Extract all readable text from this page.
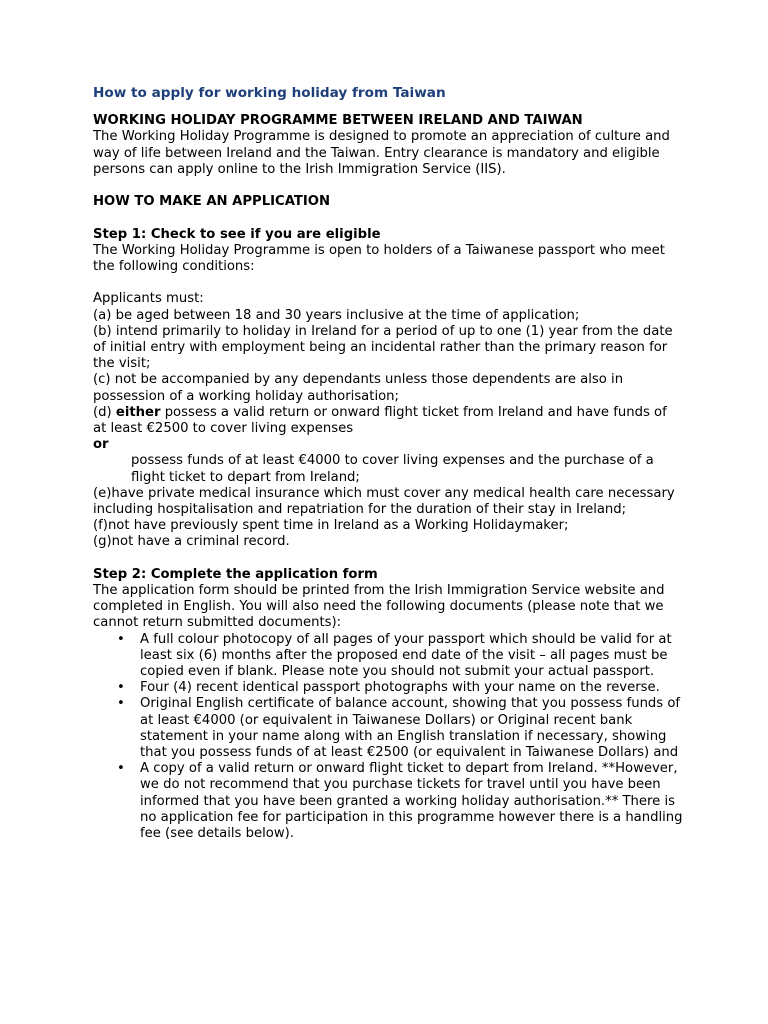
How to apply for working holiday from Taiwan
WORKING HOLIDAY PROGRAMME BETWEEN IRELAND AND TAIWAN

The Working Holiday Programme is designed to promote an appreciation of culture and way of life between Ireland and the Taiwan. Entry clearance is mandatory and eligible persons can apply online to the Irish Immigration Service (IIS).

HOW TO MAKE AN APPLICATION
Step 1: Check to see if you are eligible

The Working Holiday Programme is open to holders of a Taiwanese passport who meet the following conditions:

Applicants must:
(a) be aged between 18 and 30 years inclusive at the time of application;
(b) intend primarily to holiday in Ireland for a period of up to one (1) year from the date of initial entry with employment being an incidental rather than the primary reason for the visit;
(c) not be accompanied by any dependants unless those dependents are also in possession of a working holiday authorisation;
(d) either possess a valid return or onward flight ticket from Ireland and have funds of at least €2500 to cover living expenses
or
possess funds of at least €4000 to cover living expenses and the purchase of a flight ticket to depart from Ireland;
(e)have private medical insurance which must cover any medical health care necessary including hospitalisation and repatriation for the duration of their stay in Ireland;
(f)not have previously spent time in Ireland as a Working Holidaymaker;
(g)not have a criminal record.
Step 2: Complete the application form

The application form should be printed from the Irish Immigration Service website and completed in English. You will also need the following documents (please note that we cannot return submitted documents):

• A full colour photocopy of all pages of your passport which should be valid for at least six (6) months after the proposed end date of the visit – all pages must be copied even if blank. Please note you should not submit your actual passport.
• Four (4) recent identical passport photographs with your name on the reverse.
• Original English certificate of balance account, showing that you possess funds of at least €4000 (or equivalent in Taiwanese Dollars) or Original recent bank statement in your name along with an English translation if necessary, showing that you possess funds of at least €2500 (or equivalent in Taiwanese Dollars) and
• A copy of a valid return or onward flight ticket to depart from Ireland. **However, we do not recommend that you purchase tickets for travel until you have been informed that you have been granted a working holiday authorisation.** There is no application fee for participation in this programme however there is a handling fee (see details below).
